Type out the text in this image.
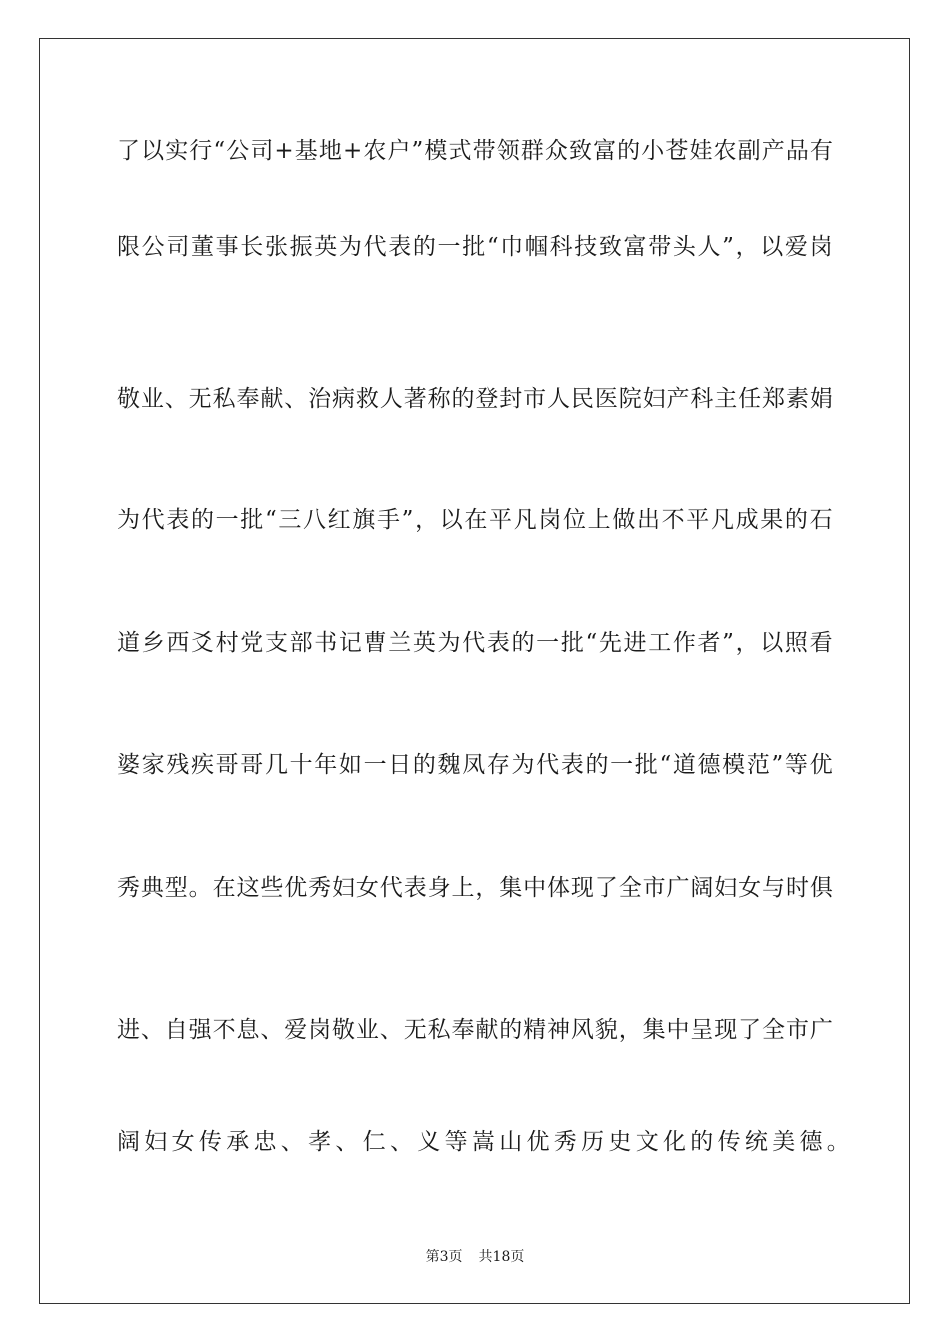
了 以 实 行 “ 公 司 + 基 地 + 农 户 ” 模 式 带 领 群 众 致 富 的 小 苍 娃 农 副 产 品 有
限 公 司 董 事 长 张 振 英 为 代 表 的 一 批 “ 巾 帼 科 技 致 富 带 头 人 ” ， 以 爱 岗
敬 业 、 无 私 奉 献 、 治 病 救 人 著 称 的 登 封 市 人 民 医 院 妇 产 科 主 任 郑 素 娟
为 代 表 的 一 批 “ 三 八 红 旗 手 ” ， 以 在 平 凡 岗 位 上 做 出 不 平 凡 成 果 的 石
道 乡 西 爻 村 党 支 部 书 记 曹 兰 英 为 代 表 的 一 批 “ 先 进 工 作 者 ” ， 以 照 看
婆 家 残 疾 哥 哥 几 十 年 如 一 日 的 魏 凤 存 为 代 表 的 一 批 “ 道 德 模 范 ” 等 优
秀 典 型 。 在 这 些 优 秀 妇 女 代 表 身 上 ， 集 中 体 现 了 全 市 广 阔 妇 女 与 时 俱
进 、 自 强 不 息 、 爱 岗 敬 业 、 无 私 奉 献 的 精 神 风 貌 ， 集 中 呈 现 了 全 市 广
阔妇女传承忠、孝、仁、义等嵩山优秀历史文化的传统美德。
第3页 共18页
